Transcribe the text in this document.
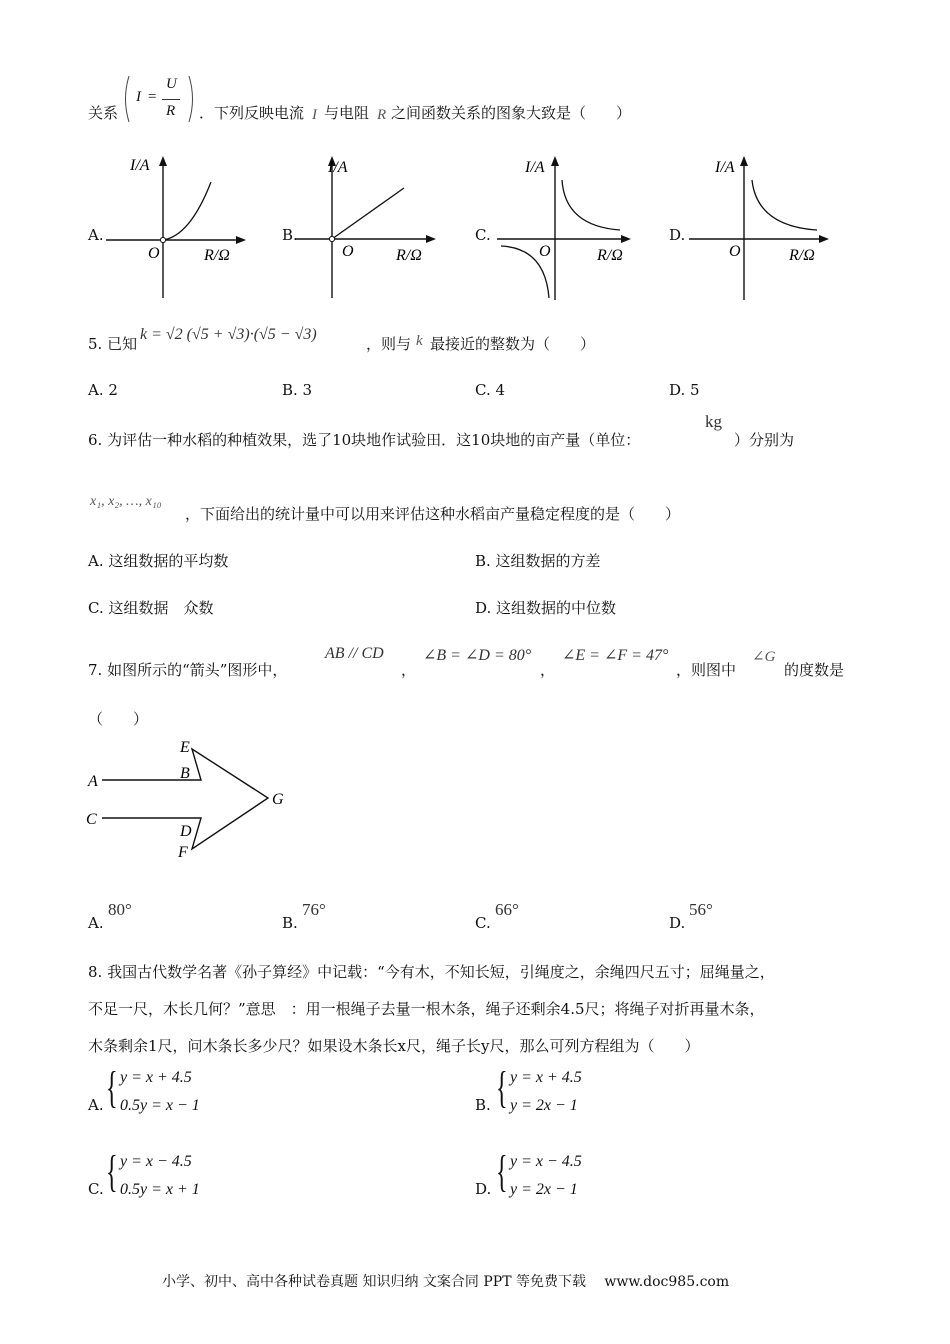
关系
I =
U
R ．下列反映电流 I 与电阻 R 之间函数关系的图象大致是（　　）
A.
I/A
O	R/Ω
B.
I/A
O	R/Ω
C.
I/A
O	R/Ω
D.
I/A
O	R/Ω
5. 已知
k = √2 (√5 + √3)·(√5 − √3)
，则与 k 最接近的整数为（　　）
A. 2	B. 3	C. 4	D. 5
6. 为评估一种水稻的种植效果，选了10块地作试验田．这10块地的亩产量（单位：
kg
）分别为
x₁, x₂, …, x₁₀
，下面给出的统计量中可以用来评估这种水稻亩产量稳定程度的是（　　）
A. 这组数据的平均数	B. 这组数据的方差
C. 这组数据　众数	D. 这组数据的中位数
7. 如图所示的“箭头”图形中，
AB // CD
，
∠B = ∠D = 80°
，
∠E = ∠F = 47°
，则图中
∠G
的度数是
（　　）
E
B
A
C
D
F
G
A.
80°
B.
76°
C.
66°
D.
56°
8. 我国古代数学名著《孙子算经》中记载：“今有木，不知长短，引绳度之，余绳四尺五寸；屈绳量之，
不足一尺，木长几何？”意思　：用一根绳子去量一根木条，绳子还剩余4.5尺；将绳子对折再量木条，
木条剩余1尺，问木条长多少尺？如果设木条长x尺，绳子长y尺，那么可列方程组为（　　）
A. { y = x + 4.5
0.5y = x − 1	B. { y = x + 4.5
y = 2x − 1
C. { y = x − 4.5
0.5y = x + 1	D. { y = x − 4.5
y = 2x − 1
小学、初中、高中各种试卷真题 知识归纳 文案合同 PPT 等免费下载　 www.doc985.com
